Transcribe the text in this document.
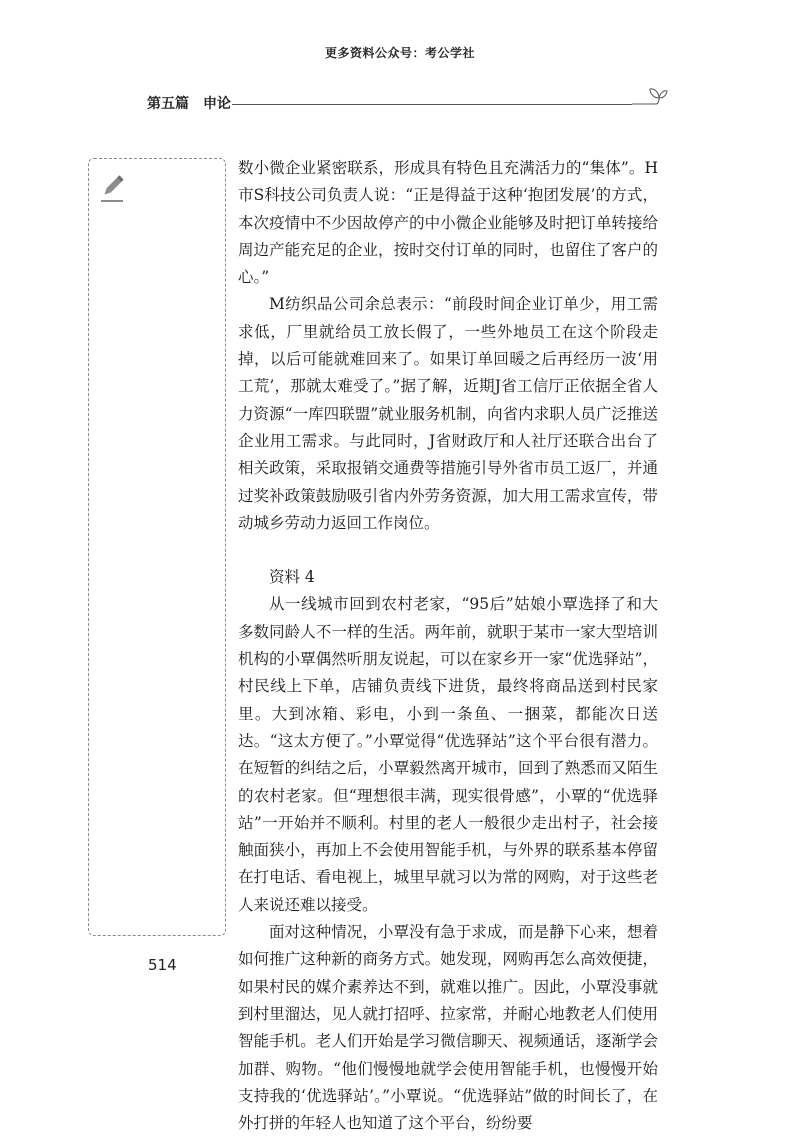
更多资料公众号：考公学社
第五篇 申论

数小微企业紧密联系，形成具有特色且充满活力的“集体”。H市S科技公司负责人说：“正是得益于这种‘抱团发展’的方式，本次疫情中不少因故停产的中小微企业能够及时把订单转接给周边产能充足的企业，按时交付订单的同时，也留住了客户的心。”

M纺织品公司余总表示：“前段时间企业订单少，用工需求低，厂里就给员工放长假了，一些外地员工在这个阶段走掉，以后可能就难回来了。如果订单回暖之后再经历一波‘用工荒’，那就太难受了。”据了解，近期J省工信厅正依据全省人力资源“一库四联盟”就业服务机制，向省内求职人员广泛推送企业用工需求。与此同时，J省财政厅和人社厅还联合出台了相关政策，采取报销交通费等措施引导外省市员工返厂，并通过奖补政策鼓励吸引省内外劳务资源，加大用工需求宣传，带动城乡劳动力返回工作岗位。

资料 4

从一线城市回到农村老家，“95后”姑娘小覃选择了和大多数同龄人不一样的生活。两年前，就职于某市一家大型培训机构的小覃偶然听朋友说起，可以在家乡开一家“优选驿站”，村民线上下单，店铺负责线下进货，最终将商品送到村民家里。大到冰箱、彩电，小到一条鱼、一捆菜，都能次日送达。“这太方便了。”小覃觉得“优选驿站”这个平台很有潜力。在短暂的纠结之后，小覃毅然离开城市，回到了熟悉而又陌生的农村老家。但“理想很丰满，现实很骨感”，小覃的“优选驿站”一开始并不顺利。村里的老人一般很少走出村子，社会接触面狭小，再加上不会使用智能手机，与外界的联系基本停留在打电话、看电视上，城里早就习以为常的网购，对于这些老人来说还难以接受。

面对这种情况，小覃没有急于求成，而是静下心来，想着如何推广这种新的商务方式。她发现，网购再怎么高效便捷，如果村民的媒介素养达不到，就难以推广。因此，小覃没事就到村里溜达，见人就打招呼、拉家常，并耐心地教老人们使用智能手机。老人们开始是学习微信聊天、视频通话，逐渐学会加群、购物。“他们慢慢地就学会使用智能手机，也慢慢开始支持我的‘优选驿站’。”小覃说。“优选驿站”做的时间长了，在外打拼的年轻人也知道了这个平台，纷纷要

514
